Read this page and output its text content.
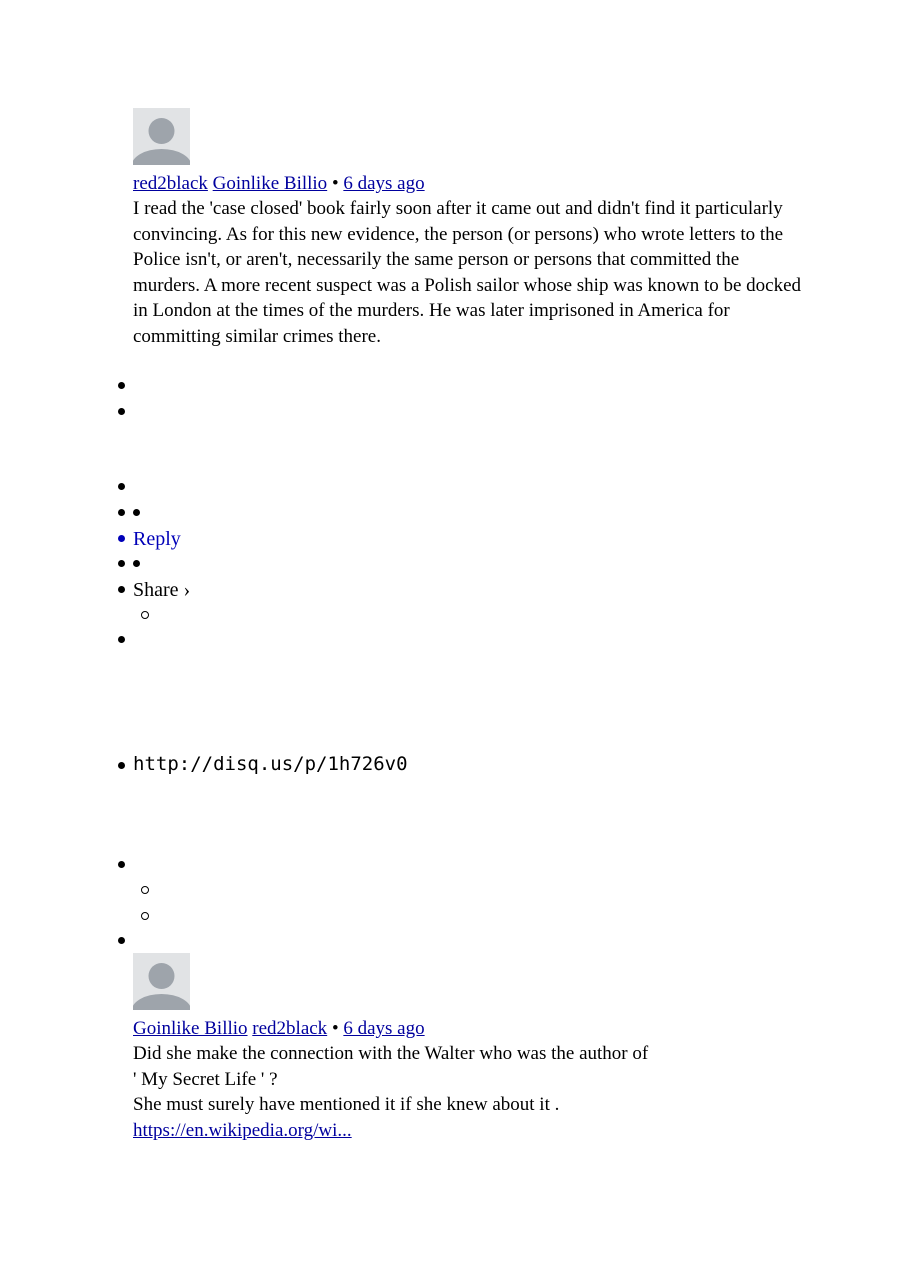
red2black Goinlike Billio • 6 days ago

I read the 'case closed' book fairly soon after it came out and didn't find it particularly convincing. As for this new evidence, the person (or persons) who wrote letters to the Police isn't, or aren't, necessarily the same person or persons that committed the murders. A more recent suspect was a Polish sailor whose ship was known to be docked in London at the times of the murders. He was later imprisoned in America for committing similar crimes there.

Reply
Share ›
http://disq.us/p/1h726v0
Goinlike Billio red2black • 6 days ago

Did she make the connection with the Walter who was the author of

' My Secret Life ' ?

She must surely have mentioned it if she knew about it .

https://en.wikipedia.org/wi...
